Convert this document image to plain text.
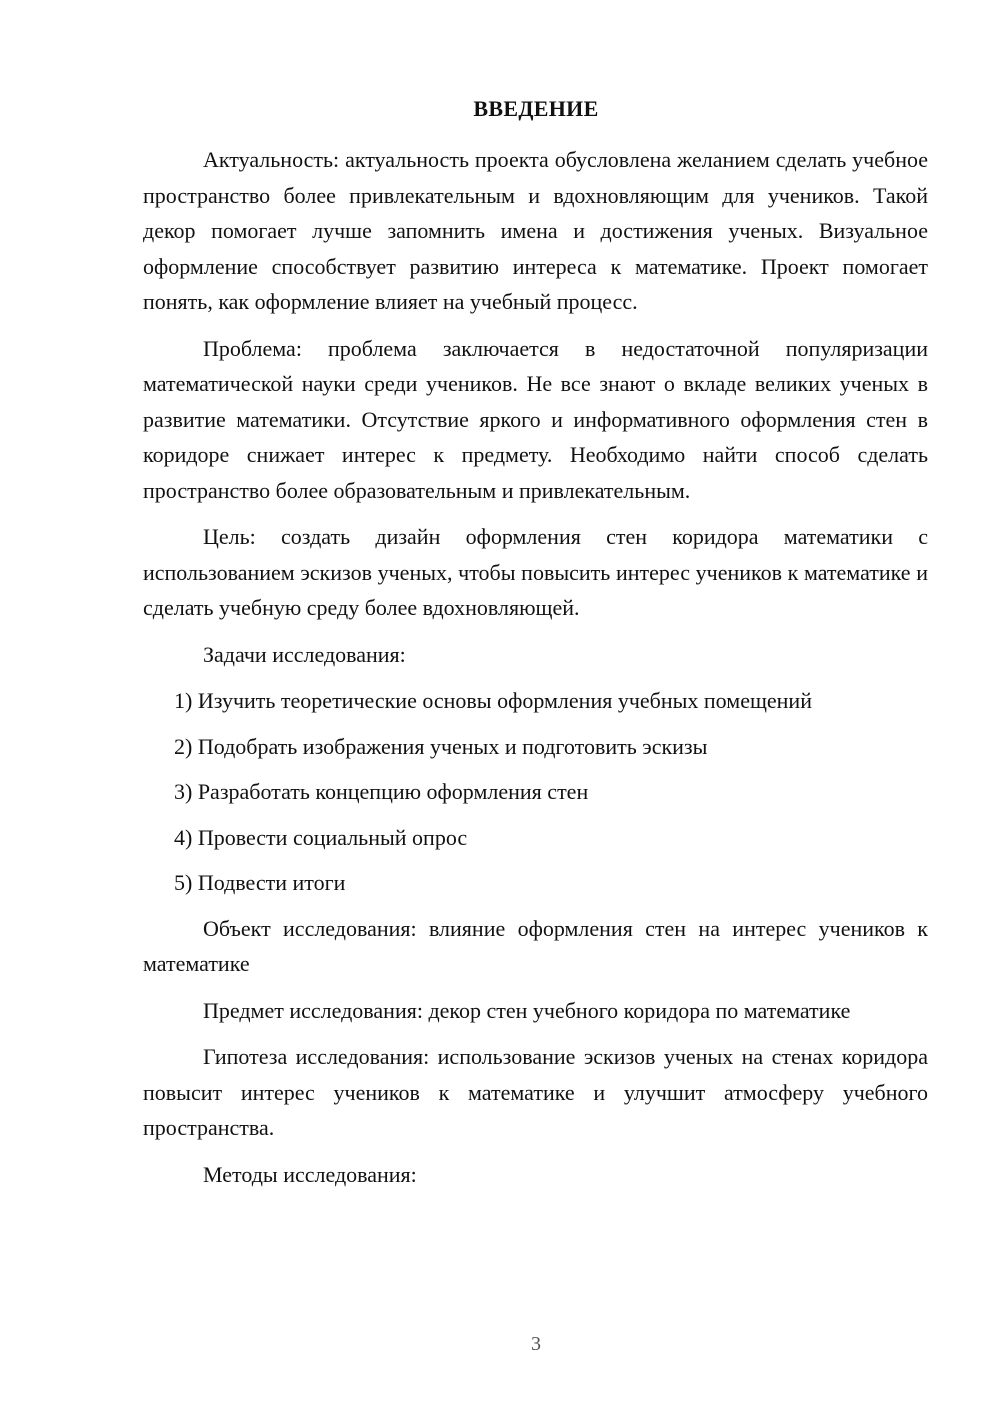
ВВЕДЕНИЕ

Актуальность: актуальность проекта обусловлена желанием сделать учебное пространство более привлекательным и вдохновляющим для учеников. Такой декор помогает лучше запомнить имена и достижения ученых. Визуальное оформление способствует развитию интереса к математике. Проект помогает понять, как оформление влияет на учебный процесс.

Проблема: проблема заключается в недостаточной популяризации математической науки среди учеников. Не все знают о вкладе великих ученых в развитие математики. Отсутствие яркого и информативного оформления стен в коридоре снижает интерес к предмету. Необходимо найти способ сделать пространство более образовательным и привлекательным.

Цель: создать дизайн оформления стен коридора математики с использованием эскизов ученых, чтобы повысить интерес учеников к математике и сделать учебную среду более вдохновляющей.

Задачи исследования:

1) Изучить теоретические основы оформления учебных помещений
2) Подобрать изображения ученых и подготовить эскизы
3) Разработать концепцию оформления стен
4) Провести социальный опрос
5) Подвести итоги

Объект исследования: влияние оформления стен на интерес учеников к математике

Предмет исследования: декор стен учебного коридора по математике

Гипотеза исследования: использование эскизов ученых на стенах коридора повысит интерес учеников к математике и улучшит атмосферу учебного пространства.

Методы исследования:

3
